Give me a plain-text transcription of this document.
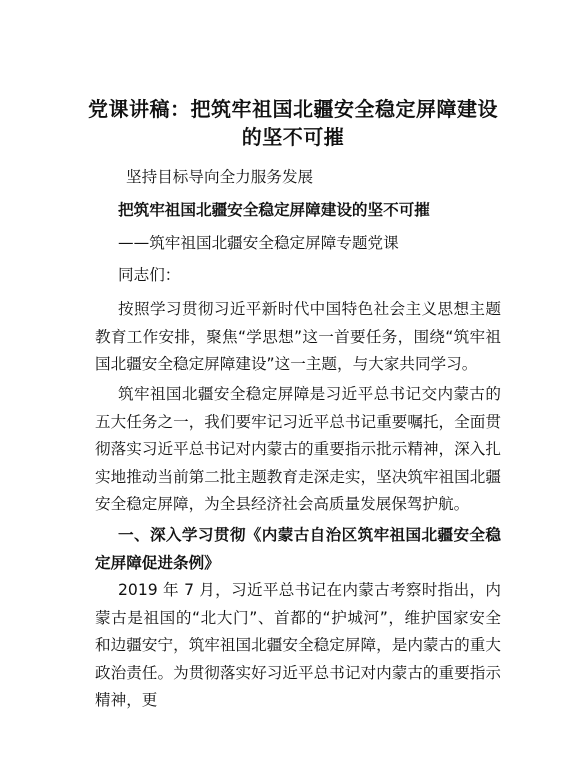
党课讲稿：把筑牢祖国北疆安全稳定屏障建设
的坚不可摧
坚持目标导向全力服务发展
把筑牢祖国北疆安全稳定屏障建设的坚不可摧
——筑牢祖国北疆安全稳定屏障专题党课
同志们：
按照学习贯彻习近平新时代中国特色社会主义思想主题教育工作安排，聚焦“学思想”这一首要任务，围绕“筑牢祖国北疆安全稳定屏障建设”这一主题，与大家共同学习。
筑牢祖国北疆安全稳定屏障是习近平总书记交内蒙古的五大任务之一，我们要牢记习近平总书记重要嘱托，全面贯彻落实习近平总书记对内蒙古的重要指示批示精神，深入扎实地推动当前第二批主题教育走深走实，坚决筑牢祖国北疆安全稳定屏障，为全县经济社会高质量发展保驾护航。
一、深入学习贯彻《内蒙古自治区筑牢祖国北疆安全稳定屏障促进条例》
2019 年 7 月，习近平总书记在内蒙古考察时指出，内蒙古是祖国的“北大门”、首都的“护城河”，维护国家安全和边疆安宁，筑牢祖国北疆安全稳定屏障，是内蒙古的重大政治责任。为贯彻落实好习近平总书记对内蒙古的重要指示精神，更
